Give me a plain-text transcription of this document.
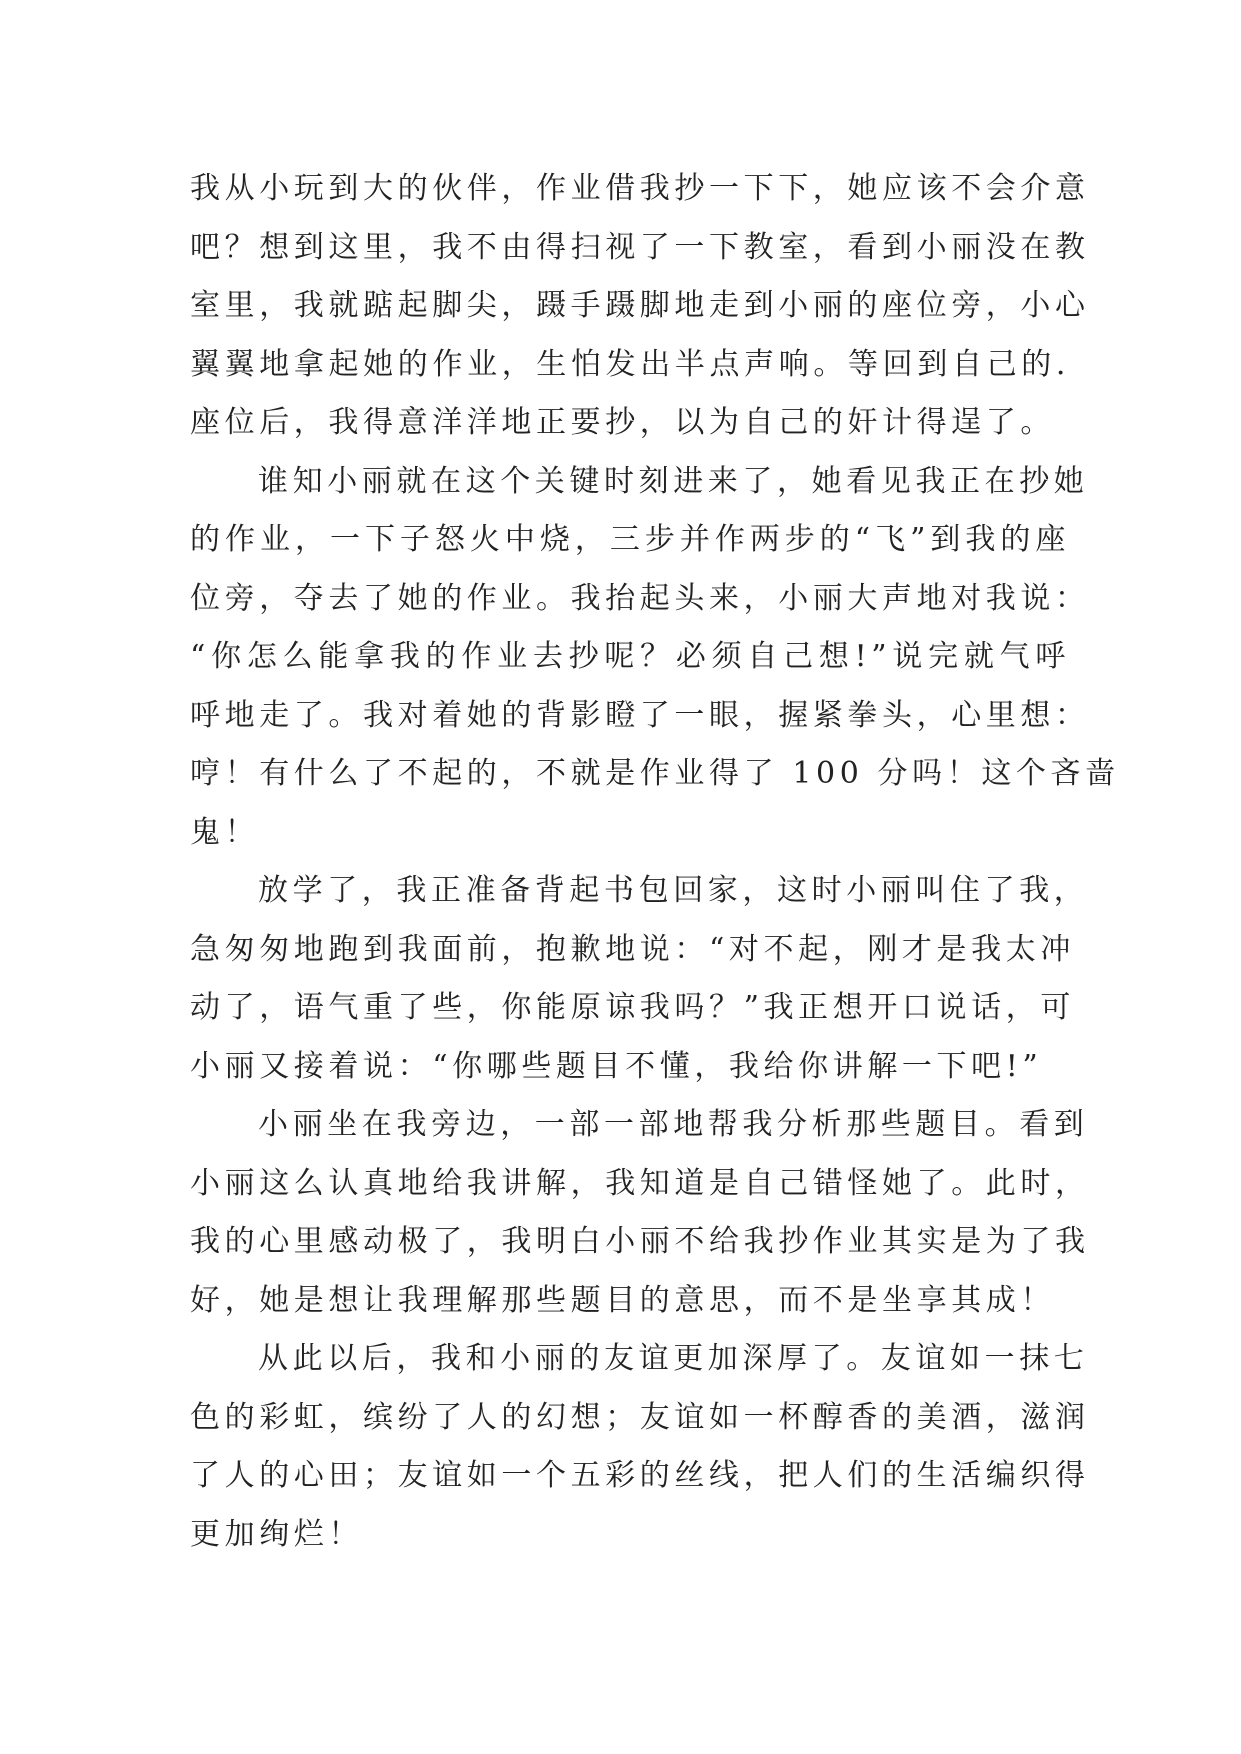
我从小玩到大的伙伴，作业借我抄一下下，她应该不会介意
吧？想到这里，我不由得扫视了一下教室，看到小丽没在教
室里，我就踮起脚尖，蹑手蹑脚地走到小丽的座位旁，小心
翼翼地拿起她的作业，生怕发出半点声响。等回到自己的.
座位后，我得意洋洋地正要抄，以为自己的奸计得逞了。
谁知小丽就在这个关键时刻进来了，她看见我正在抄她
的作业，一下子怒火中烧，三步并作两步的“飞”到我的座
位旁，夺去了她的作业。我抬起头来，小丽大声地对我说：
“你怎么能拿我的作业去抄呢？必须自己想!”说完就气呼
呼地走了。我对着她的背影瞪了一眼，握紧拳头，心里想：
哼！有什么了不起的，不就是作业得了 100 分吗！这个吝啬
鬼！
放学了，我正准备背起书包回家，这时小丽叫住了我，
急匆匆地跑到我面前，抱歉地说：“对不起，刚才是我太冲
动了，语气重了些，你能原谅我吗？”我正想开口说话，可
小丽又接着说：“你哪些题目不懂，我给你讲解一下吧!”
小丽坐在我旁边，一部一部地帮我分析那些题目。看到
小丽这么认真地给我讲解，我知道是自己错怪她了。此时，
我的心里感动极了，我明白小丽不给我抄作业其实是为了我
好，她是想让我理解那些题目的意思，而不是坐享其成！
从此以后，我和小丽的友谊更加深厚了。友谊如一抹七
色的彩虹，缤纷了人的幻想；友谊如一杯醇香的美酒，滋润
了人的心田；友谊如一个五彩的丝线，把人们的生活编织得
更加绚烂！
